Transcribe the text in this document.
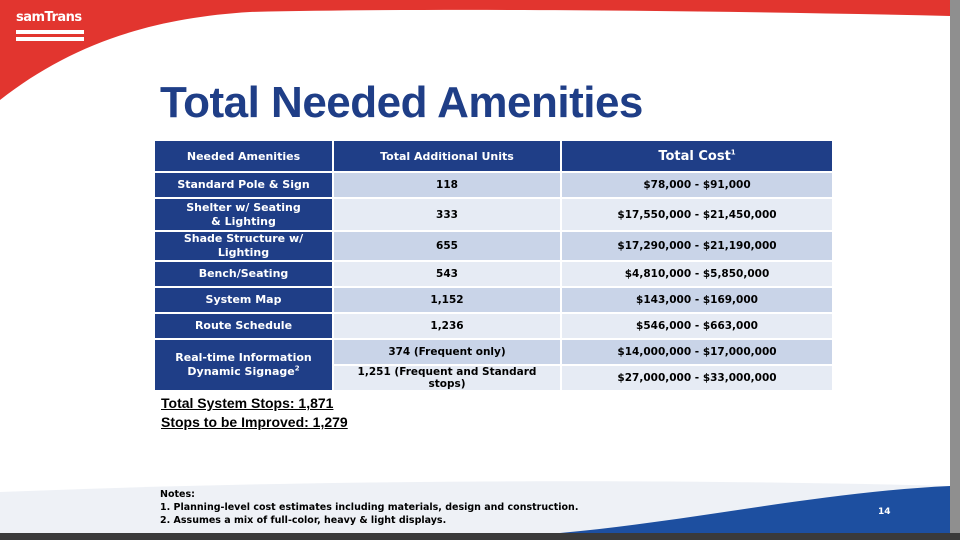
samTrans
Total Needed Amenities
Needed Amenities	Total Additional Units	Total Cost$^1$
Standard Pole & Sign	118	$78,000 - $91,000
Shelter w/ Seating
& Lighting	333	$17,550,000 - $21,450,000
Shade Structure w/ Lighting	655	$17,290,000 - $21,190,000
Bench/Seating	543	$4,810,000 - $5,850,000
System Map	1,152	$143,000 - $169,000
Route Schedule	1,236	$546,000 - $663,000
Real-time Information
Dynamic Signage$^2$	374 (Frequent only)	$14,000,000 - $17,000,000
	1,251 (Frequent and Standard stops)	$27,000,000 - $33,000,000
Total System Stops: 1,871
Stops to be Improved: 1,279
Notes:
1. Planning-level cost estimates including materials, design and construction.
2. Assumes a mix of full-color, heavy & light displays.
14
